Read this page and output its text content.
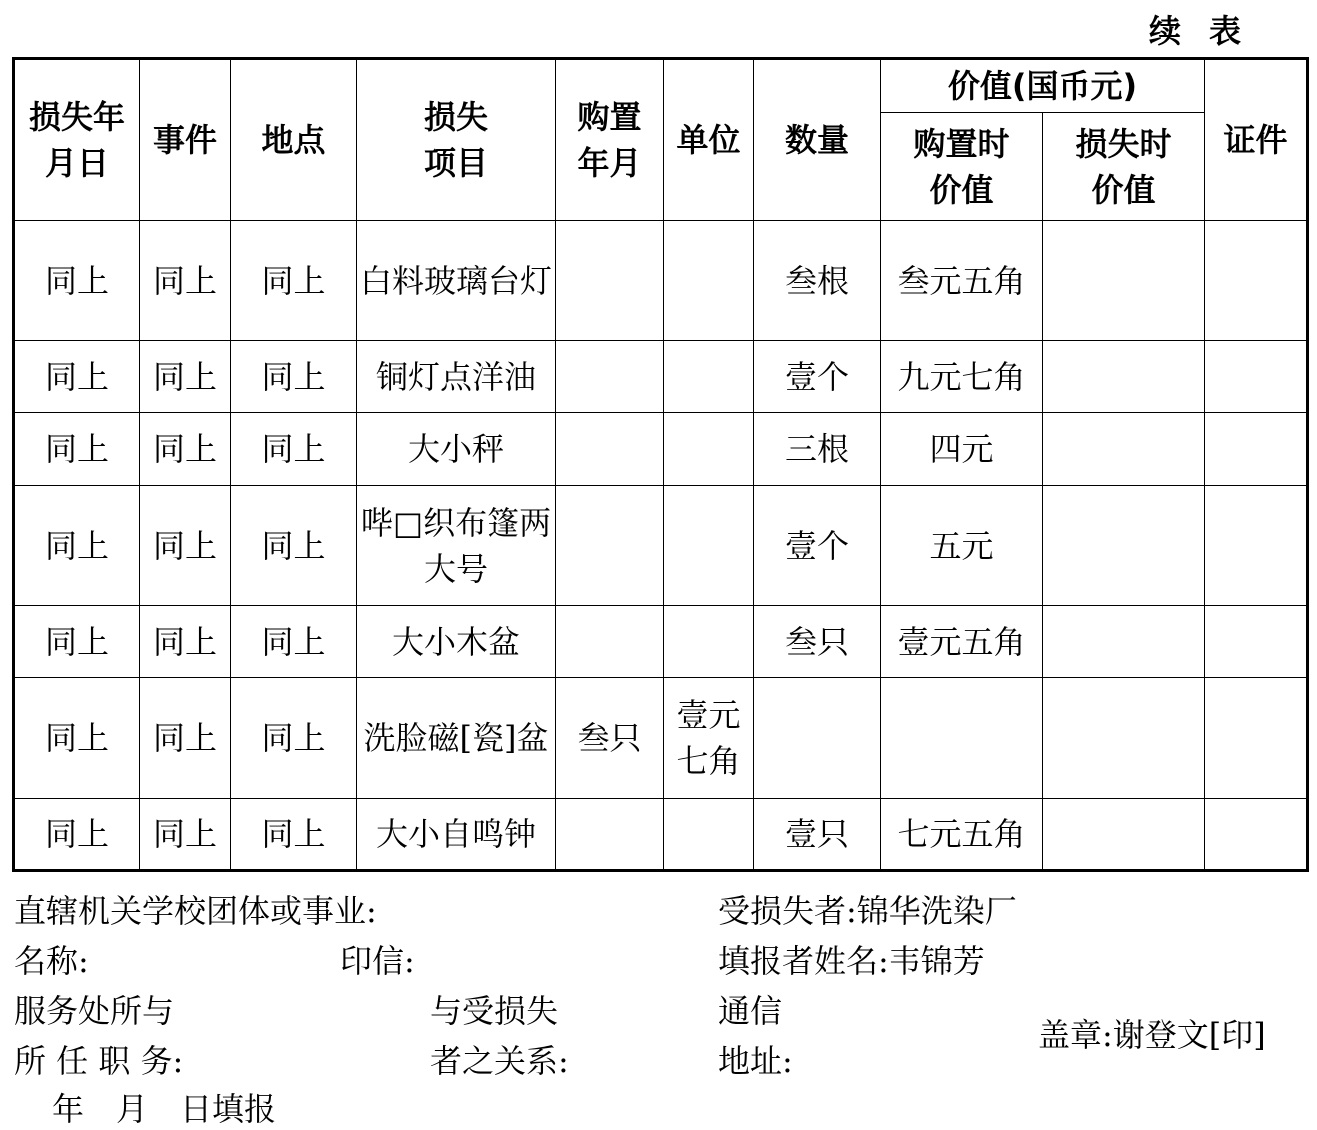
续表
损失年月日	事件	地点	损失项目	购置年月	单位	数量	价值(国币元)		证件
							购置时价值	损失时价值	
同上	同上	同上	白料玻璃台灯			叁根	叁元五角		
同上	同上	同上	铜灯点洋油			壹个	九元七角		
同上	同上	同上	大小秤			三根	四元		
同上	同上	同上	哔□织布篷两大号			壹个	五元		
同上	同上	同上	大小木盆			叁只	壹元五角		
同上	同上	同上	洗脸磁[瓷]盆	叁只	壹元七角				
同上	同上	同上	大小自鸣钟			壹只	七元五角		
直辖机关学校团体或事业:
名称:	印信:
服务处所与
所 任 职 务:
与受损失
者之关系:
受损失者:锦华洗染厂
填报者姓名:韦锦芳
通信
地址:
盖章:谢登文[印]
年　月　日填报
